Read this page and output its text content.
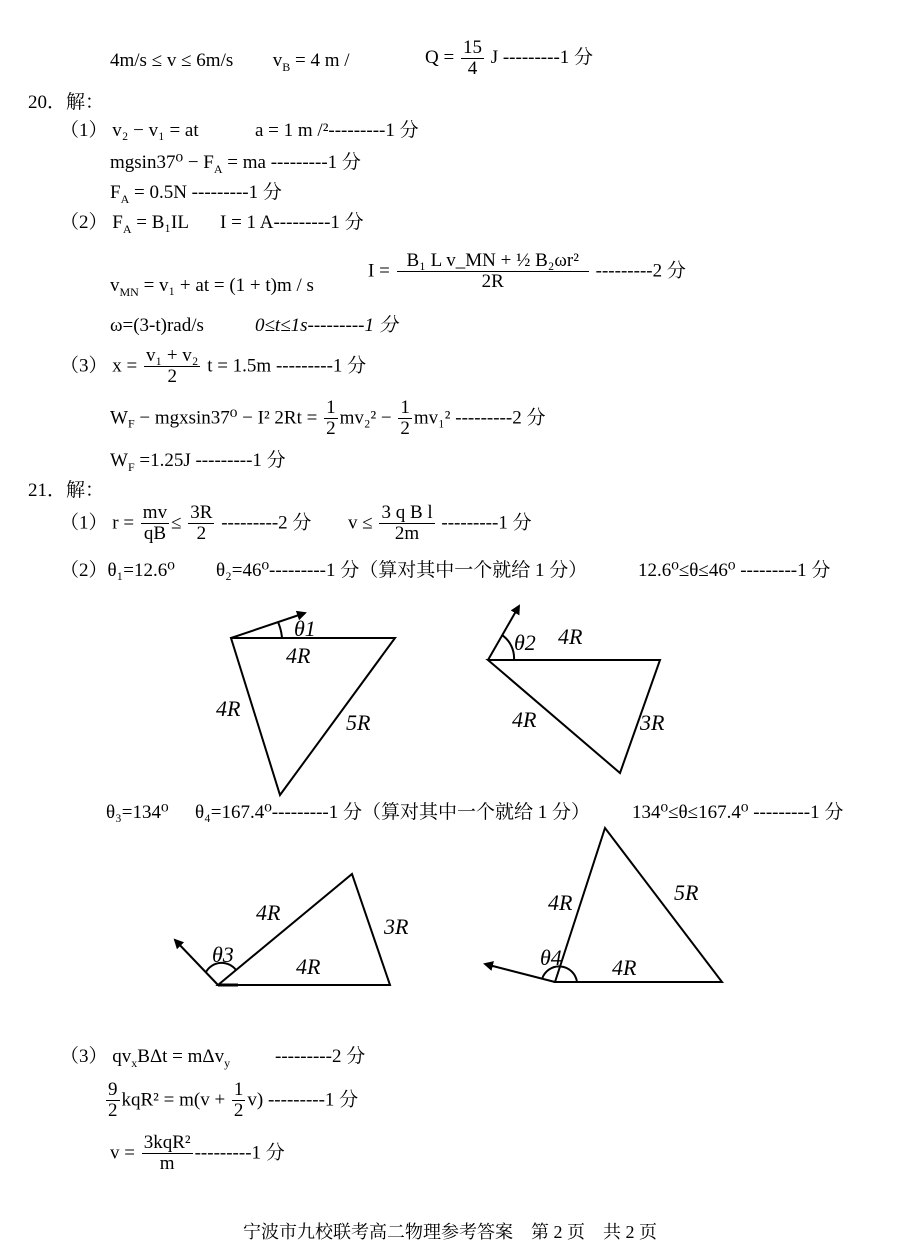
4m/s ≤ v ≤ 6m/s $v_B = 4$ m /	$Q = \frac{15}{4}$ J ---------1 分
20．解：
（1） v₂ − v₁ = at	a = 1 m /²---------1 分
$mgsin37^0 - F_A$ = ma ---------1 分
$F_A = 0.5N$ ---------1 分
（2） $F_A = B_1IL$ I = 1 A---------1 分
$v_{MN} = v_1$ + at = (1 + t)m / s
$I = \frac{\text{B₁ L v\_MN + ½ B₂ωr²}}{2R} ---------2$ 分
ω=(3-t)rad/s	0≤t≤1s---------1 分
（3） $x = \frac{\text{v₁ + v₂}}{2}$ t = 1.5m ---------1 分
$W_F - mgxsin37^0 - I^2$ $2Rt = \frac{1}{2} mv_2^2 - \frac{1}{2} mv_1^2$ ---------2 分
$W_F =1.25J$ ---------1 分
21．解：
（1） $r = \frac{mv}{qB} \le \frac{3R}{2} ---------2$ 分 $v \le \frac{\text{3 q B l}}{2m} ---------1$ 分
（2）θ₁=12.6⁰ θ₂=46⁰---------1 分（算对其中一个就给 1 分）	12.6⁰≤θ≤46⁰ ---------1 分
θ₃=134⁰ θ₄=167.4⁰---------1 分（算对其中一个就给 1 分） 134⁰≤θ≤167.4⁰ ---------1 分
θ1
4R
4R
5R
θ2 4R
4R	3R
θ3
4R
4R
3R
θ4
4R
4R
5R
（3） $qv_xB\Delta t = m\Delta v_y$ ---------2 分
$\frac{9}{2} kqR^2 = m(v + \frac{1}{2} v)$ ---------1 分
$v = \frac{\text{3kqR²}}{m} ---------1$ 分
宁波市九校联考高二物理参考答案　第 2 页　共 2 页
